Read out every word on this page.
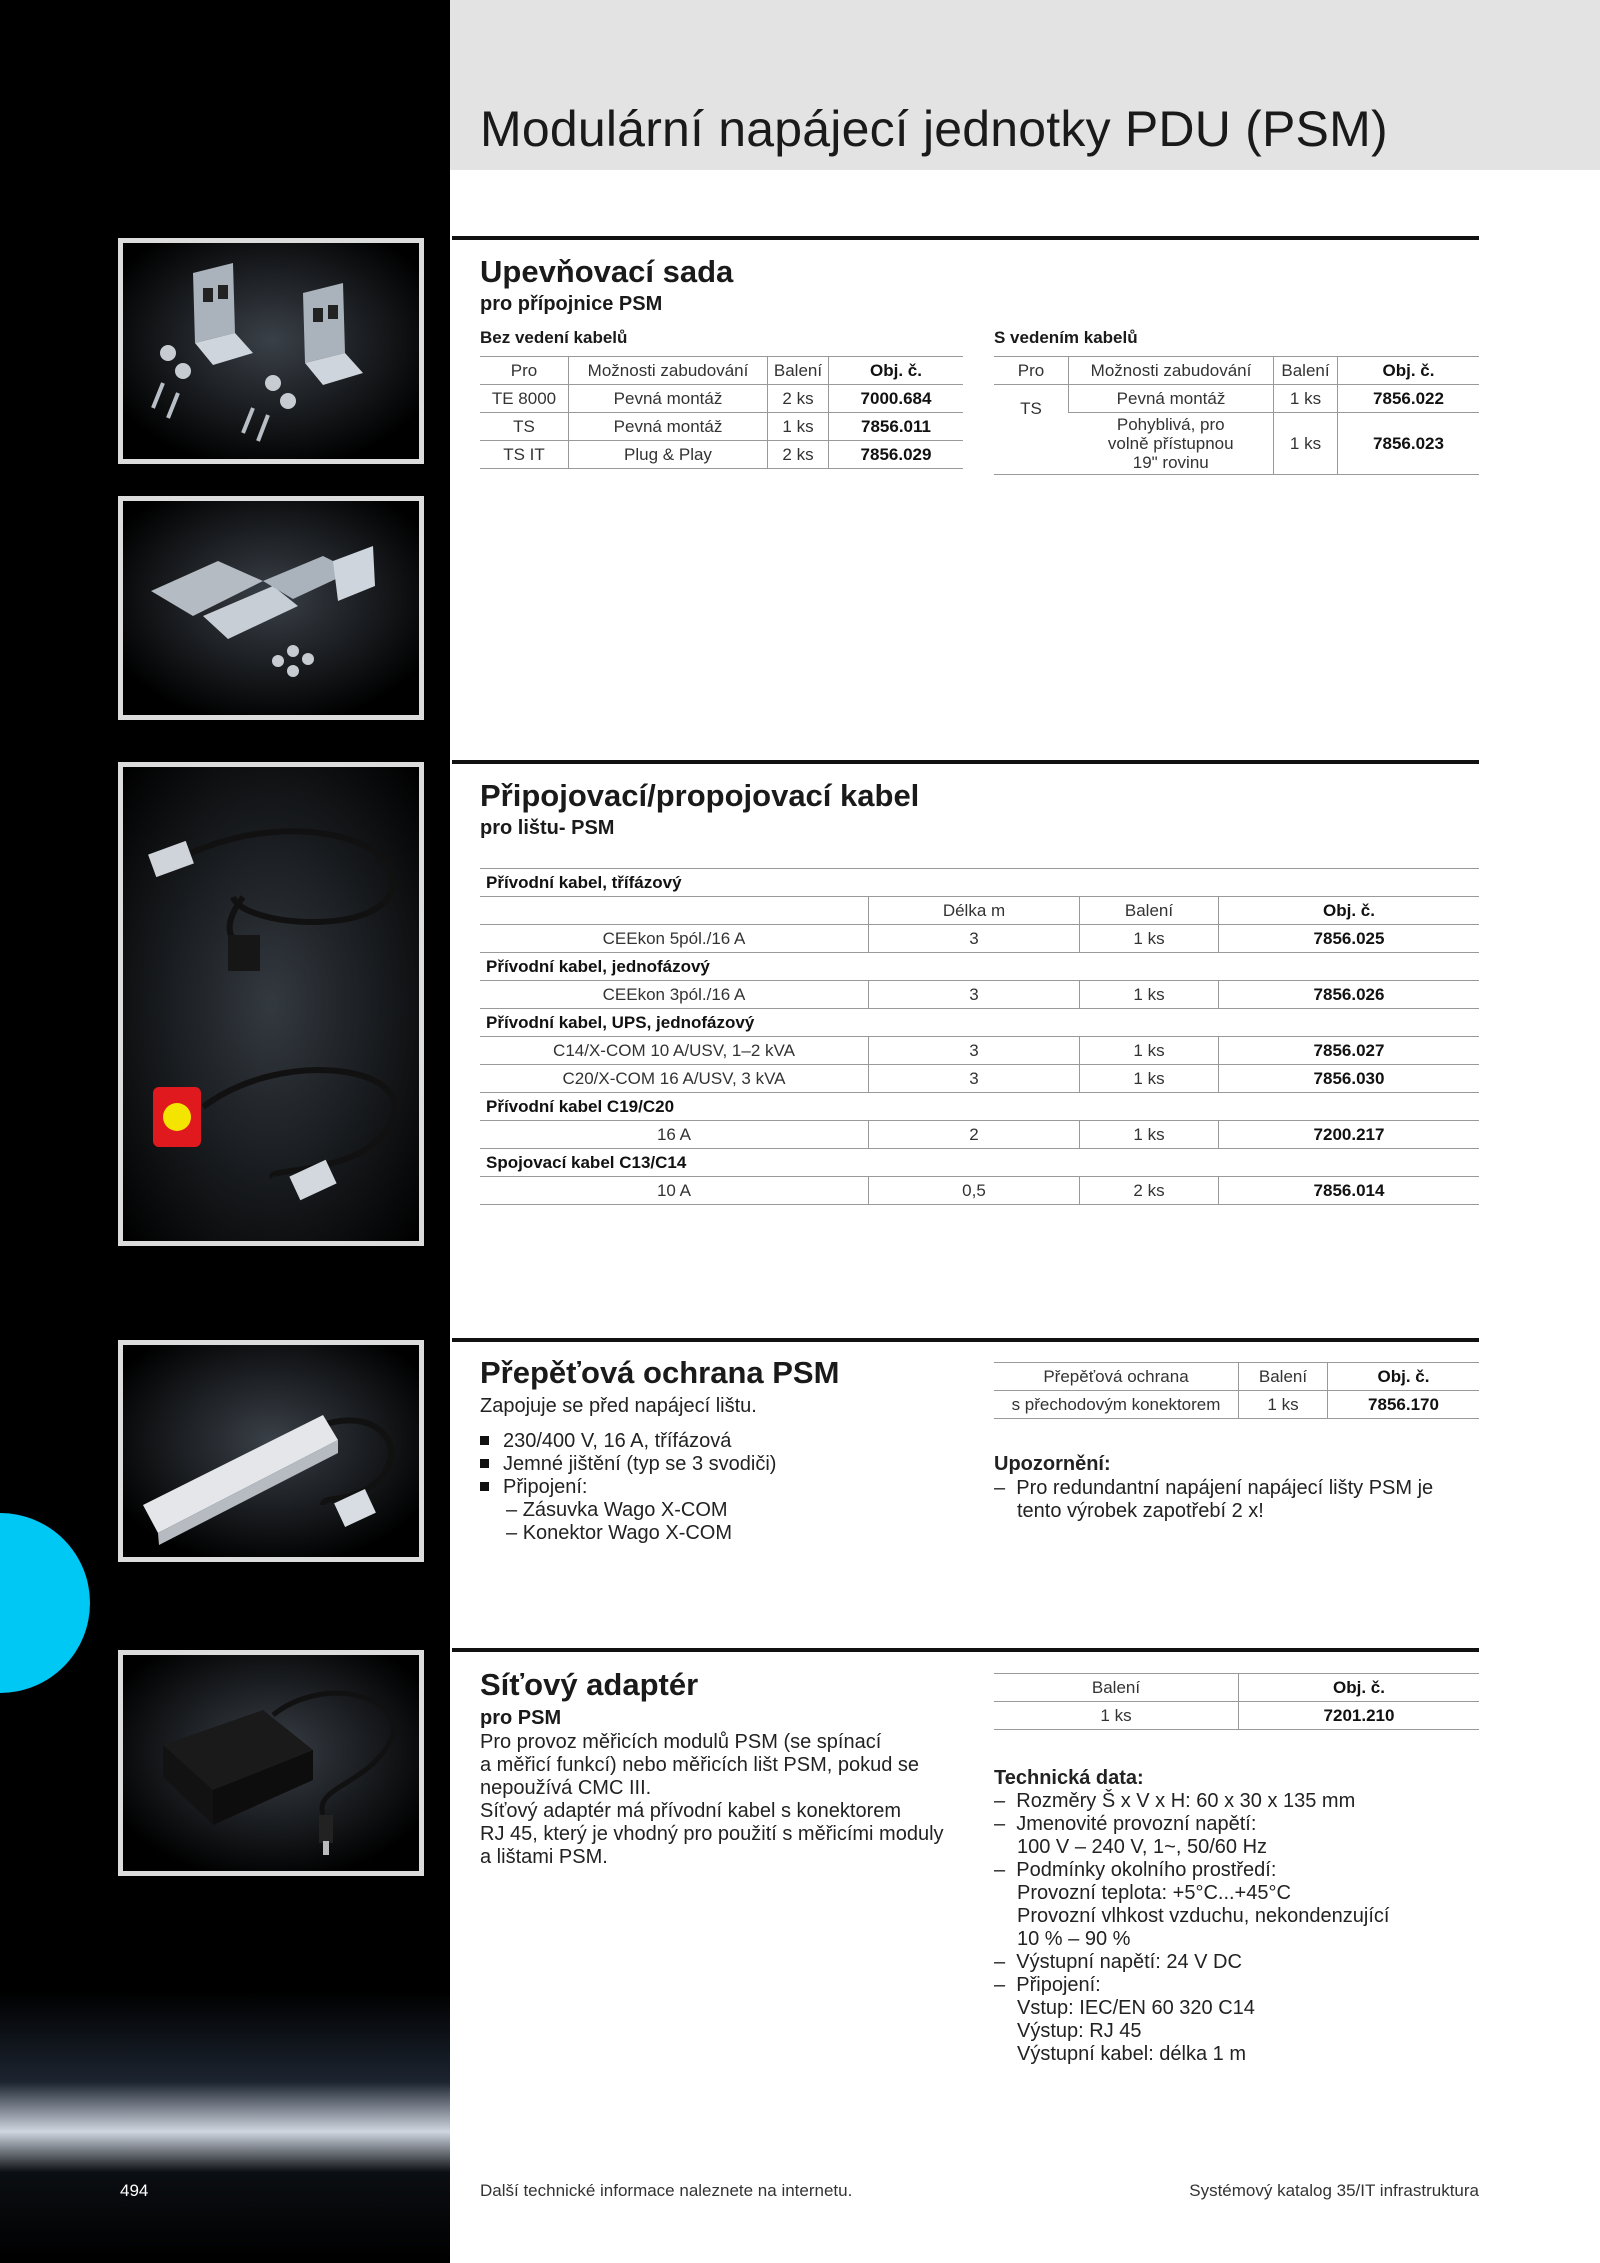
Modulární napájecí jednotky PDU (PSM)
Upevňovací sada
pro přípojnice PSM
Bez vedení kabelů
Pro	Možnosti zabudování	Balení	Obj. č.
TE 8000	Pevná montáž	2 ks	7000.684
TS	Pevná montáž	1 ks	7856.011
TS IT	Plug & Play	2 ks	7856.029
S vedením kabelů
Pro	Možnosti zabudování	Balení	Obj. č.
TS	Pevná montáž	1 ks	7856.022
	Pohyblivá, pro volně přístupnou 19" rovinu	1 ks	7856.023
Připojovací/propojovací kabel
pro lištu- PSM
Přívodní kabel, třífázový			
	Délka m	Balení	Obj. č.
CEEkon 5pól./16 A	3	1 ks	7856.025
Přívodní kabel, jednofázový			
CEEkon 3pól./16 A	3	1 ks	7856.026
Přívodní kabel, UPS, jednofázový			
C14/X-COM 10 A/USV, 1–2 kVA	3	1 ks	7856.027
C20/X-COM 16 A/USV, 3 kVA	3	1 ks	7856.030
Přívodní kabel C19/C20			
16 A	2	1 ks	7200.217
Spojovací kabel C13/C14			
10 A	0,5	2 ks	7856.014
Přepěťová ochrana PSM
Zapojuje se před napájecí lištu.
230/400 V, 16 A, třífázová
Jemné jištění (typ se 3 svodiči)
Připojení:
– Zásuvka Wago X-COM
– Konektor Wago X-COM
Přepěťová ochrana	Balení	Obj. č.
s přechodovým konektorem	1 ks	7856.170
Upozornění:
–  Pro redundantní napájení napájecí lišty PSM je
tento výrobek zapotřebí 2 x!
Síťový adaptér
pro PSM
Pro provoz měřicích modulů PSM (se spínací
a měřicí funkcí) nebo měřicích lišt PSM, pokud se
nepoužívá CMC III.
Síťový adaptér má přívodní kabel s konektorem
RJ 45, který je vhodný pro použití s měřicími moduly
a lištami PSM.
Balení	Obj. č.
1 ks	7201.210
Technická data:
–  Rozměry Š x V x H: 60 x 30 x 135 mm
–  Jmenovité provozní napětí:
100 V – 240 V, 1~, 50/60 Hz
–  Podmínky okolního prostředí:
Provozní teplota: +5°C...+45°C
Provozní vlhkost vzduchu, nekondenzující
10 % – 90 %
–  Výstupní napětí: 24 V DC
–  Připojení:
Vstup: IEC/EN 60 320 C14
Výstup: RJ 45
Výstupní kabel: délka 1 m
494	Další technické informace naleznete na internetu.	Systémový katalog 35/IT infrastruktura
